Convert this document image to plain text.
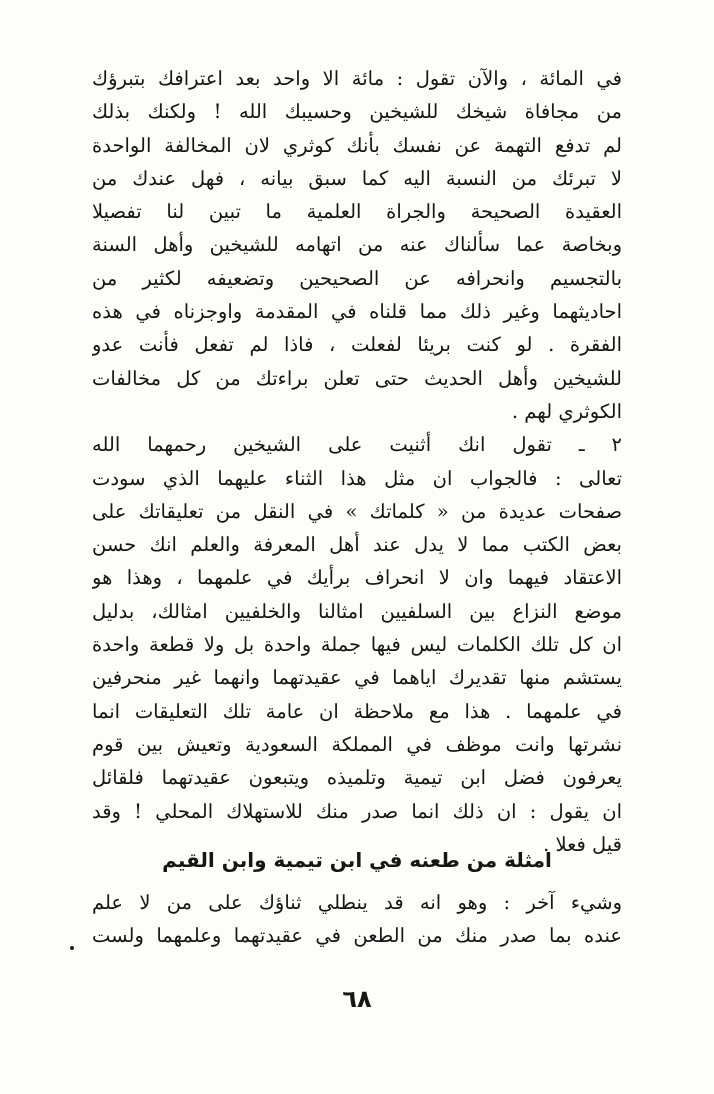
في المائة ، والآن تقول : مائة الا واحد بعد اعترافك بتبرؤك
من مجافاة شيخك للشيخين وحسيبك الله ! ولكنك بذلك
لم تدفع التهمة عن نفسك بأنك كوثري لان المخالفة الواحدة
لا تبرئك من النسبة اليه كما سبق بيانه ، فهل عندك من
العقيدة الصحيحة والجراة العلمية ما تبين لنا تفصيلا
وبخاصة عما سألناك عنه من اتهامه للشيخين وأهل السنة
بالتجسيم وانحرافه عن الصحيحين وتضعيفه لكثير من
احاديثهما وغير ذلك مما قلناه في المقدمة واوجزناه في هذه
الفقرة . لو كنت بريئا لفعلت ، فاذا لم تفعل فأنت عدو
للشيخين وأهل الحديث حتى تعلن براءتك من كل مخالفات
الكوثري لهم .
٢ ـ تقول انك أثنيت على الشيخين رحمهما الله
تعالى : فالجواب ان مثل هذا الثناء عليهما الذي سودت
صفحات عديدة من « كلماتك » في النقل من تعليقاتك على
بعض الكتب مما لا يدل عند أهل المعرفة والعلم انك حسن
الاعتقاد فيهما وان لا انحراف برأيك في علمهما ، وهذا هو
موضع النزاع بين السلفيين امثالنا والخلفيين امثالك، بدليل
ان كل تلك الكلمات ليس فيها جملة واحدة بل ولا قطعة واحدة
يستشم منها تقديرك اياهما في عقيدتهما وانهما غير منحرفين
في علمهما . هذا مع ملاحظة ان عامة تلك التعليقات انما
نشرتها وانت موظف في المملكة السعودية وتعيش بين قوم
يعرفون فضل ابن تيمية وتلميذه ويتبعون عقيدتهما فلقائل
ان يقول : ان ذلك انما صدر منك للاستهلاك المحلي ! وقد
قيل فعلا .
امثلة من طعنه في ابن تيمية وابن القيم
وشيء آخر : وهو انه قد ينطلي ثناؤك على من لا علم
عنده بما صدر منك من الطعن في عقيدتهما وعلمهما ولست
٦٨
